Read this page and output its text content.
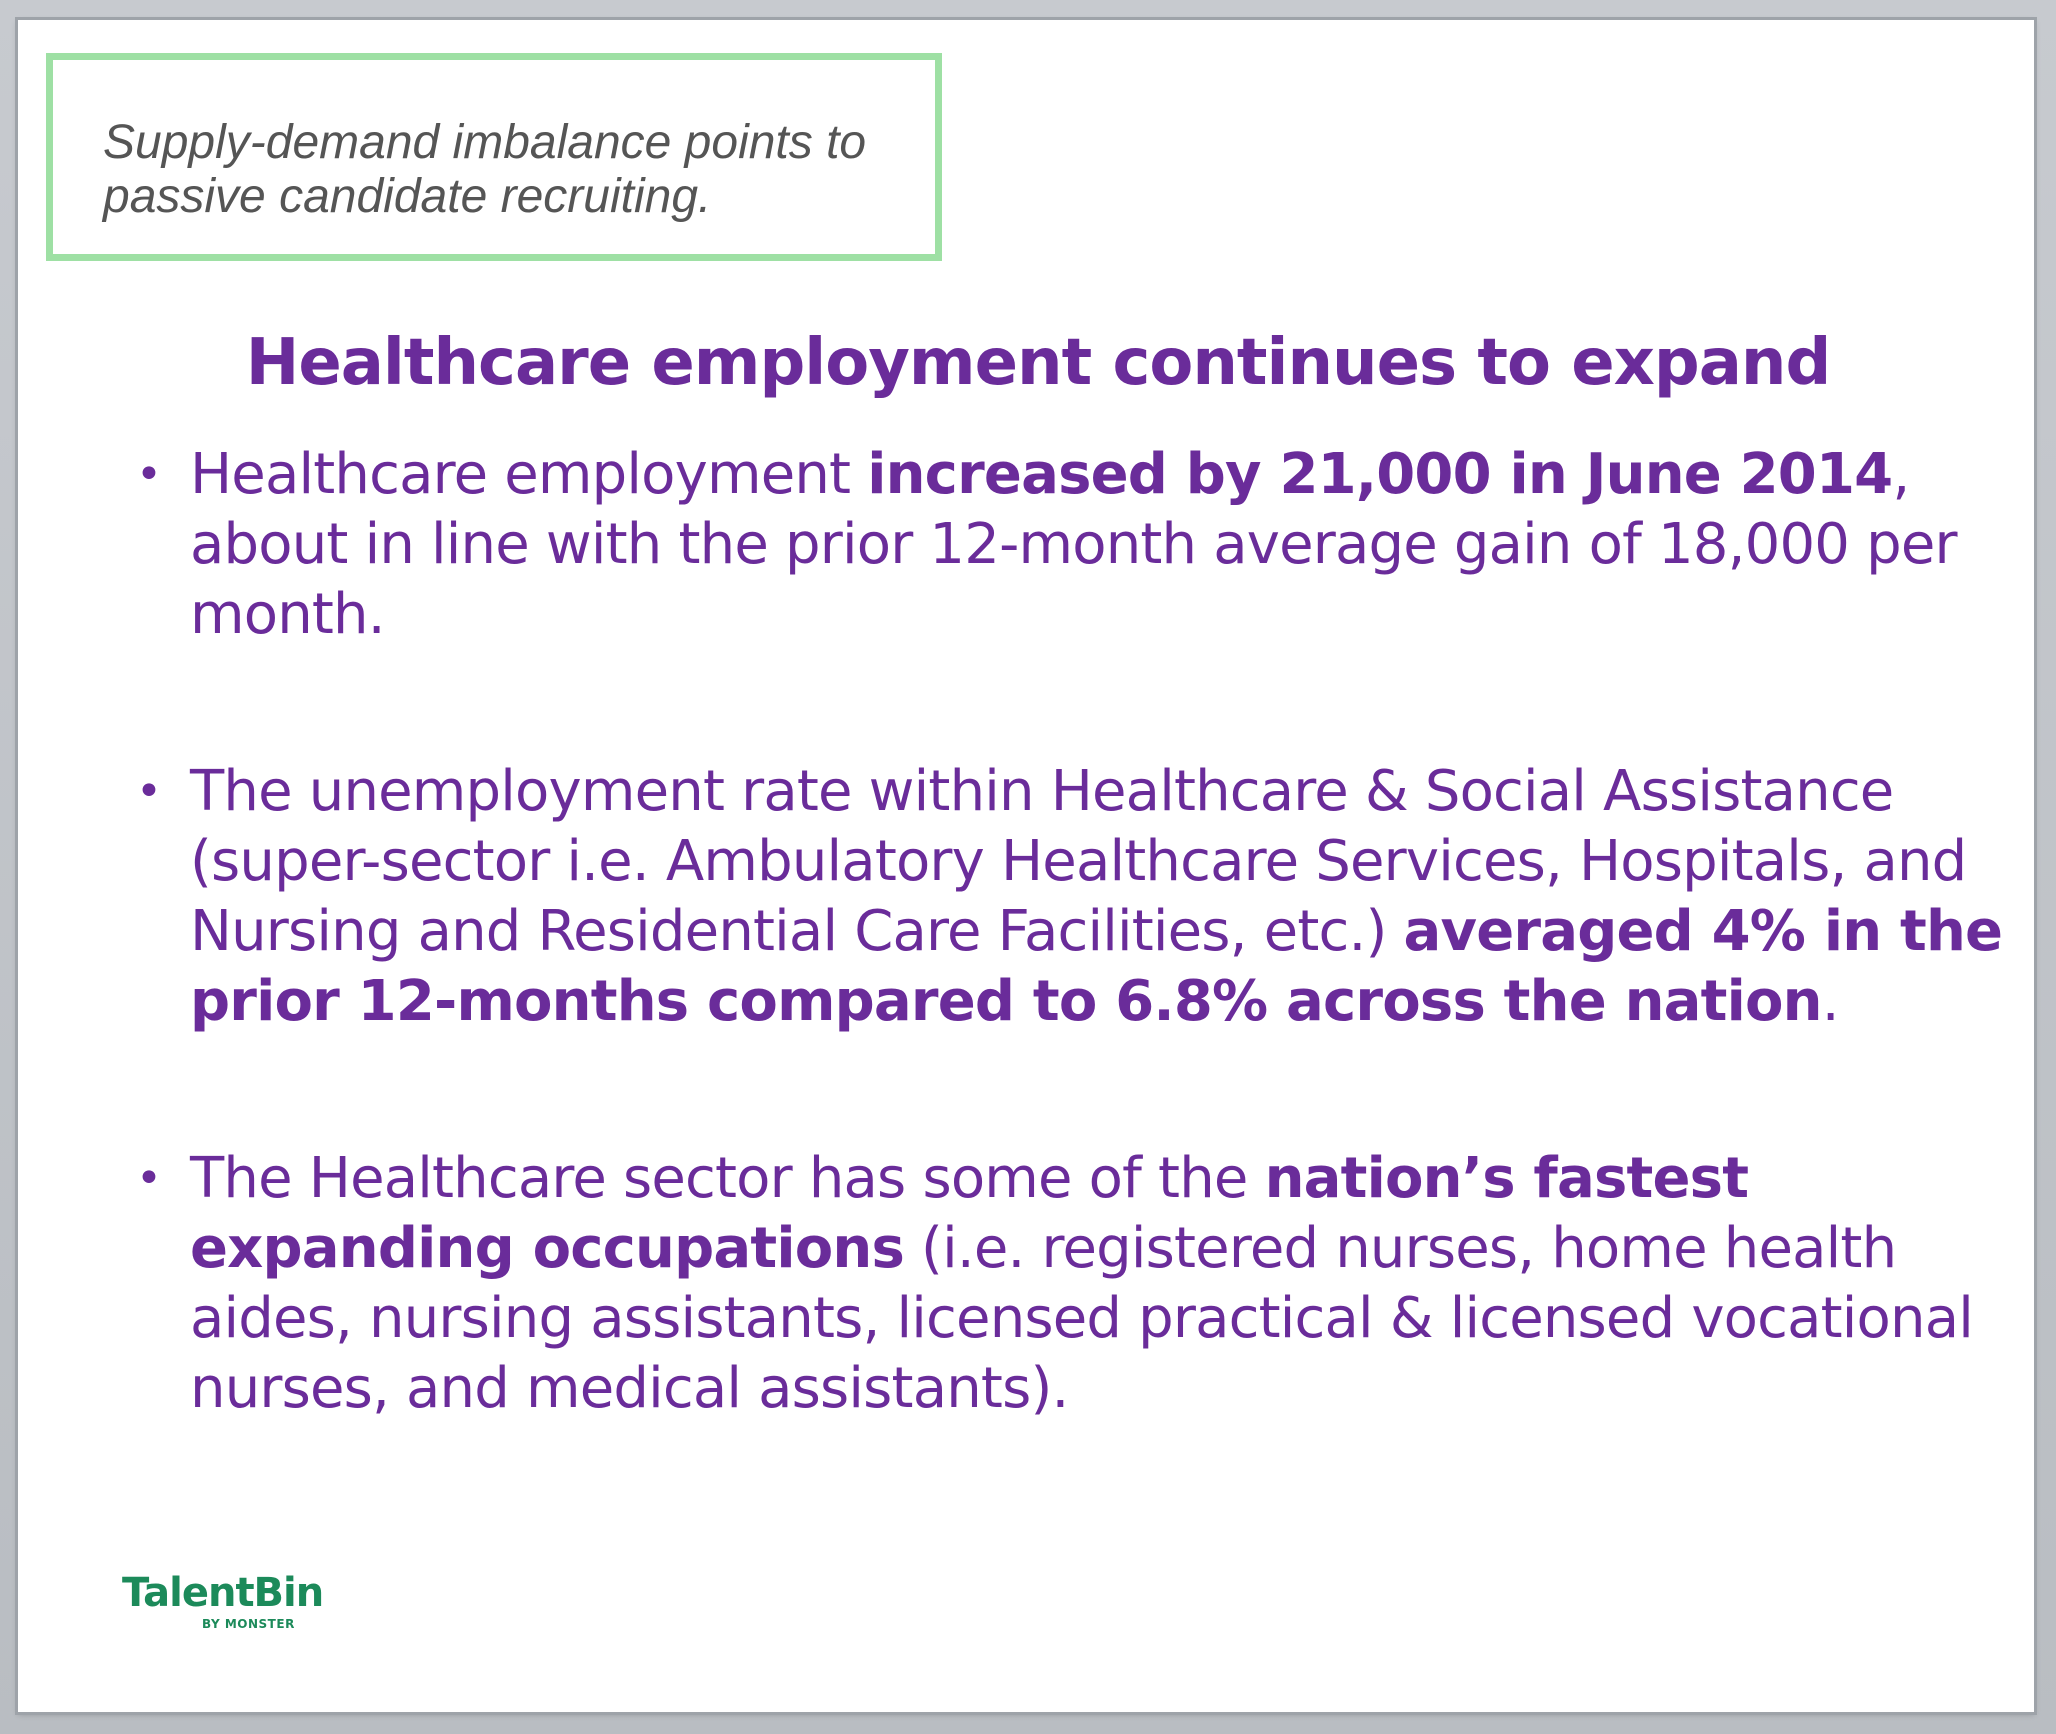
Supply-demand imbalance points to passive candidate recruiting.
Healthcare employment continues to expand
• Healthcare employment increased by 21,000 in June 2014, about in line with the prior 12-month average gain of 18,000 per month.
• The unemployment rate within Healthcare & Social Assistance (super-sector i.e. Ambulatory Healthcare Services, Hospitals, and Nursing and Residential Care Facilities, etc.) averaged 4% in the prior 12-months compared to 6.8% across the nation.
• The Healthcare sector has some of the nation’s fastest expanding occupations (i.e. registered nurses, home health aides, nursing assistants, licensed practical & licensed vocational nurses, and medical assistants).
TalentBin
BY MONSTER
